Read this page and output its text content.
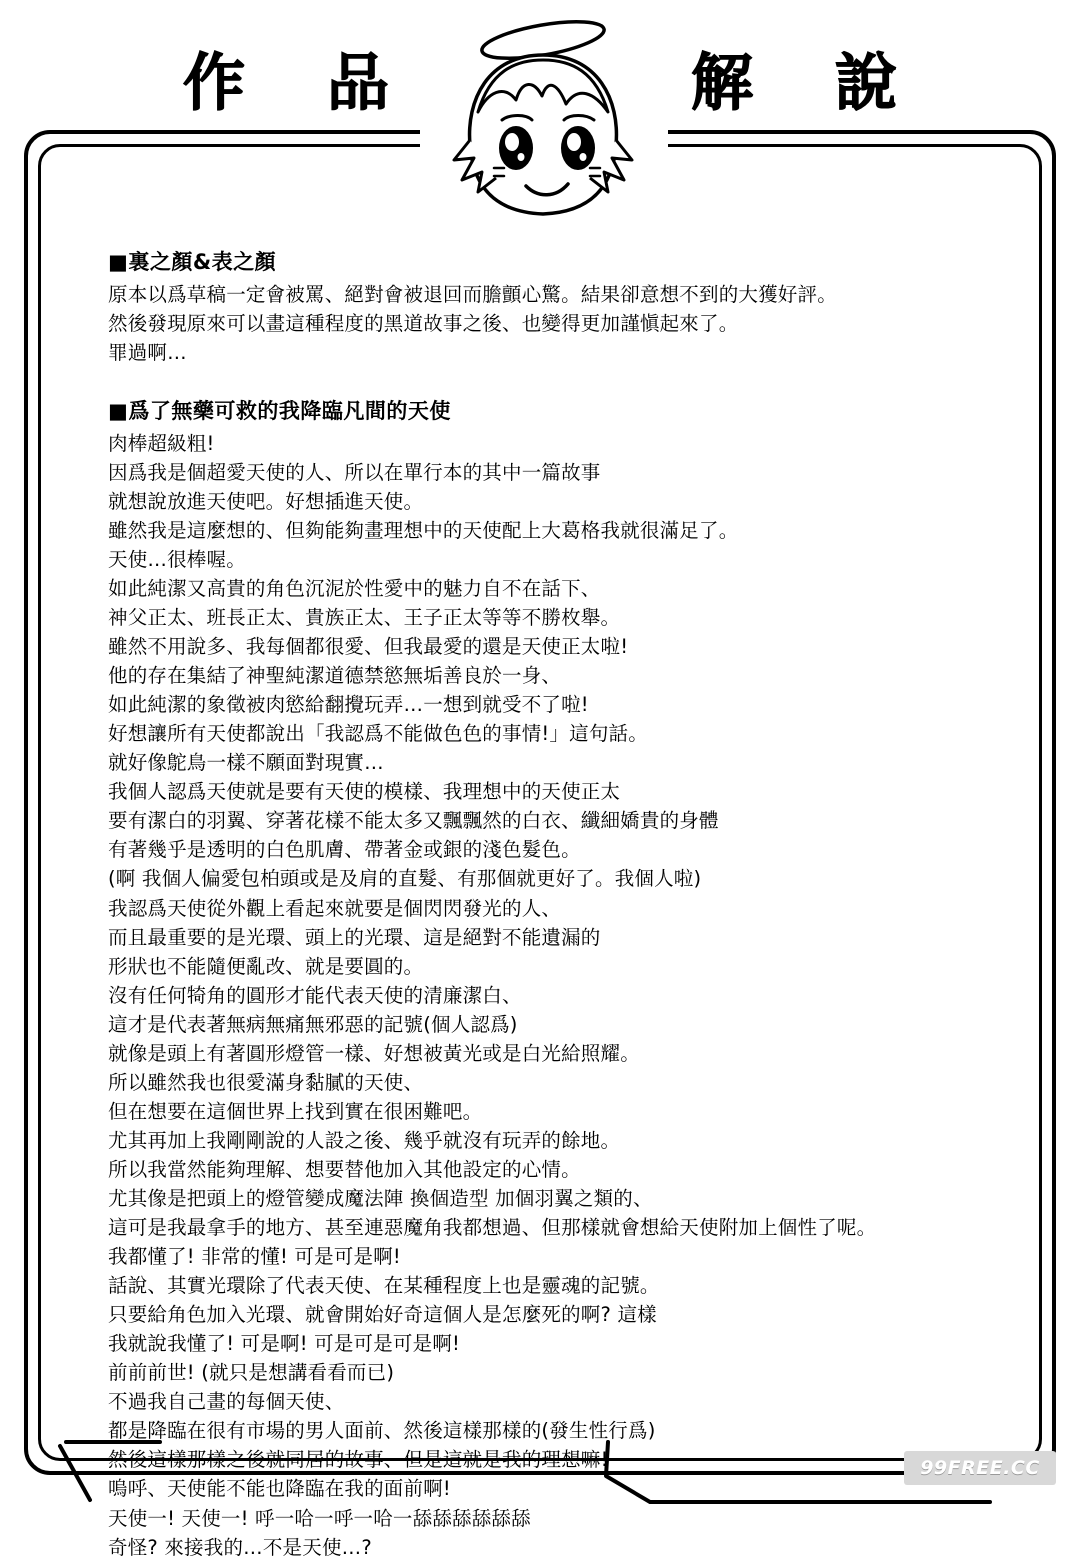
作 品	解 說
■裏之顏&表之顏
原本以爲草稿一定會被罵、絕對會被退回而膽顫心驚。結果卻意想不到的大獲好評。
然後發現原來可以畫這種程度的黑道故事之後、也變得更加謹愼起來了。
罪過啊…
■爲了無藥可救的我降臨凡間的天使
肉棒超級粗!
因爲我是個超愛天使的人、所以在單行本的其中一篇故事
就想說放進天使吧。好想插進天使。
雖然我是這麼想的、但夠能夠畫理想中的天使配上大葛格我就很滿足了。
天使…很棒喔。
如此純潔又高貴的角色沉泥於性愛中的魅力自不在話下、
神父正太、班長正太、貴族正太、王子正太等等不勝枚舉。
雖然不用說多、我每個都很愛、但我最愛的還是天使正太啦!
他的存在集結了神聖純潔道德禁慾無垢善良於一身、
如此純潔的象徵被肉慾給翻攪玩弄…一想到就受不了啦!
好想讓所有天使都說出「我認爲不能做色色的事情!」這句話。
就好像鴕鳥一樣不願面對現實…
我個人認爲天使就是要有天使的模樣、我理想中的天使正太
要有潔白的羽翼、穿著花樣不能太多又飄飄然的白衣、纖細嬌貴的身體
有著幾乎是透明的白色肌膚、帶著金或銀的淺色髮色。
(啊 我個人偏愛包柏頭或是及肩的直髮、有那個就更好了。我個人啦)
我認爲天使從外觀上看起來就要是個閃閃發光的人、
而且最重要的是光環、頭上的光環、這是絕對不能遺漏的
形狀也不能隨便亂改、就是要圓的。
沒有任何犄角的圓形才能代表天使的清廉潔白、
這才是代表著無病無痛無邪惡的記號(個人認爲)
就像是頭上有著圓形燈管一樣、好想被黃光或是白光給照耀。
所以雖然我也很愛滿身黏膩的天使、
但在想要在這個世界上找到實在很困難吧。
尤其再加上我剛剛說的人設之後、幾乎就沒有玩弄的餘地。
所以我當然能夠理解、想要替他加入其他設定的心情。
尤其像是把頭上的燈管變成魔法陣 換個造型 加個羽翼之類的、
這可是我最拿手的地方、甚至連惡魔角我都想過、但那樣就會想給天使附加上個性了呢。
我都懂了! 非常的懂! 可是可是啊!
話說、其實光環除了代表天使、在某種程度上也是靈魂的記號。
只要給角色加入光環、就會開始好奇這個人是怎麼死的啊? 這樣
我就說我懂了! 可是啊! 可是可是可是啊!
前前前世! (就只是想講看看而已)
不過我自己畫的每個天使、
都是降臨在很有市場的男人面前、然後這樣那樣的(發生性行爲)
然後這樣那樣之後就同居的故事、但是這就是我的理想嘛!
嗚呼、天使能不能也降臨在我的面前啊!
天使一! 天使一! 呼一哈一呼一哈一舔舔舔舔舔舔
奇怪? 來接我的…不是天使…?
99FREE.CC
